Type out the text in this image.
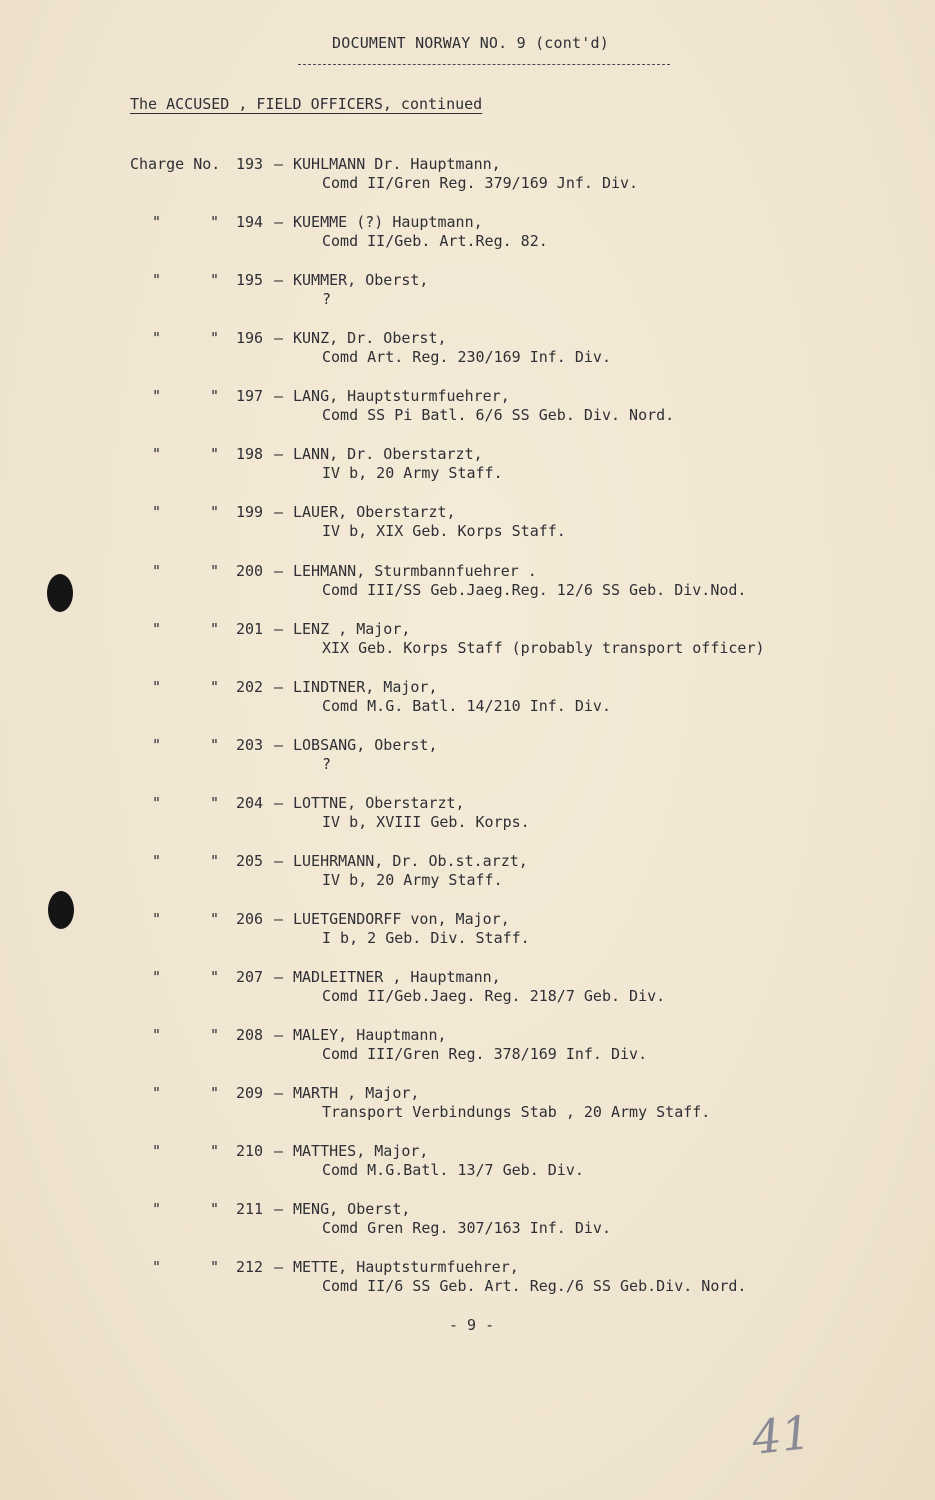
DOCUMENT NORWAY NO. 9 (cont'd)
The ACCUSED , FIELD OFFICERS, continued
Charge No. 193 – KUHLMANN Dr. Hauptmann,
Comd II/Gren Reg. 379/169 Jnf. Div.
"	" 194 – KUEMME (?) Hauptmann,
Comd II/Geb. Art.Reg. 82.
"	" 195 – KUMMER, Oberst,
?
"	" 196 – KUNZ, Dr. Oberst,
Comd Art. Reg. 230/169 Inf. Div.
"	" 197 – LANG, Hauptsturmfuehrer,
Comd SS Pi Batl. 6/6 SS Geb. Div. Nord.
"	" 198 – LANN, Dr. Oberstarzt,
IV b, 20 Army Staff.
"	" 199 – LAUER, Oberstarzt,
IV b, XIX Geb. Korps Staff.
"	" 200 – LEHMANN, Sturmbannfuehrer .
Comd III/SS Geb.Jaeg.Reg. 12/6 SS Geb. Div.Nod.
"	" 201 – LENZ , Major,
XIX Geb. Korps Staff (probably transport officer)
"	" 202 – LINDTNER, Major,
Comd M.G. Batl. 14/210 Inf. Div.
"	" 203 – LOBSANG, Oberst,
?
"	" 204 – LOTTNE, Oberstarzt,
IV b, XVIII Geb. Korps.
"	" 205 – LUEHRMANN, Dr. Ob.st.arzt,
IV b, 20 Army Staff.
"	" 206 – LUETGENDORFF von, Major,
I b, 2 Geb. Div. Staff.
"	" 207 – MADLEITNER , Hauptmann,
Comd II/Geb.Jaeg. Reg. 218/7 Geb. Div.
"	" 208 – MALEY, Hauptmann,
Comd III/Gren Reg. 378/169 Inf. Div.
"	" 209 – MARTH , Major,
Transport Verbindungs Stab , 20 Army Staff.
"	" 210 – MATTHES, Major,
Comd M.G.Batl. 13/7 Geb. Div.
"	" 211 – MENG, Oberst,
Comd Gren Reg. 307/163 Inf. Div.
"	" 212 – METTE, Hauptsturmfuehrer,
Comd II/6 SS Geb. Art. Reg./6 SS Geb.Div. Nord.
- 9 -
41
